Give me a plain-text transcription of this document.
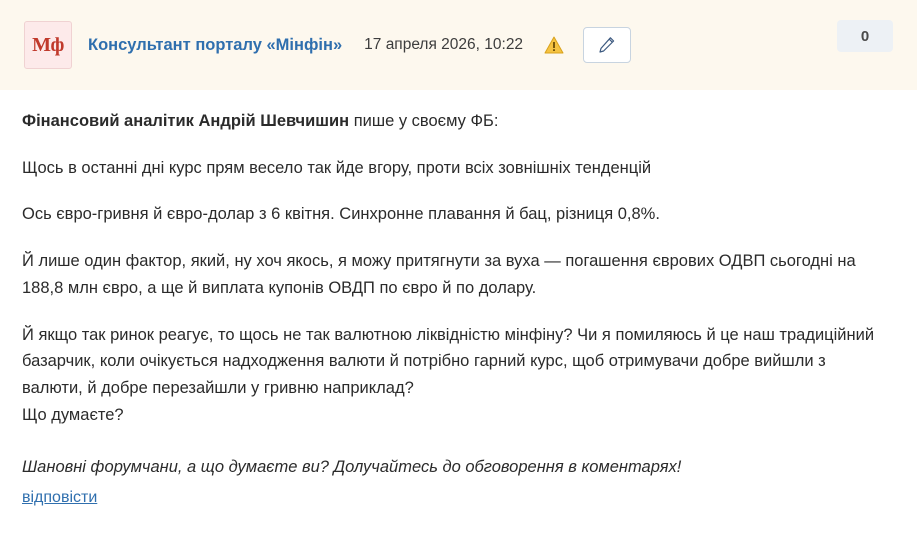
Мф Консультант порталу «Мінфін» 17 апреля 2026, 10:22	0

Фінансовий аналітик Андрій Шевчишин пише у своєму ФБ:

Щось в останні дні курс прям весело так йде вгору, проти всіх зовнішніх тенденцій

Ось євро-гривня й євро-долар з 6 квітня. Синхронне плавання й бац, різниця 0,8%.

Й лише один фактор, який, ну хоч якось, я можу притягнути за вуха — погашення єврових ОДВП сьогодні на 188,8 млн євро, а ще й виплата купонів ОВДП по євро й по долару.

Й якщо так ринок реагує, то щось не так валютною ліквідністю мінфіну? Чи я помиляюсь й це наш традиційний базарчик, коли очікується надходження валюти й потрібно гарний курс, щоб отримувачи добре вийшли з валюти, й добре перезайшли у гривню наприклад?

Що думаєте?

Шановні форумчани, а що думаєте ви? Долучайтесь до обговорення в коментарях!

відповісти
